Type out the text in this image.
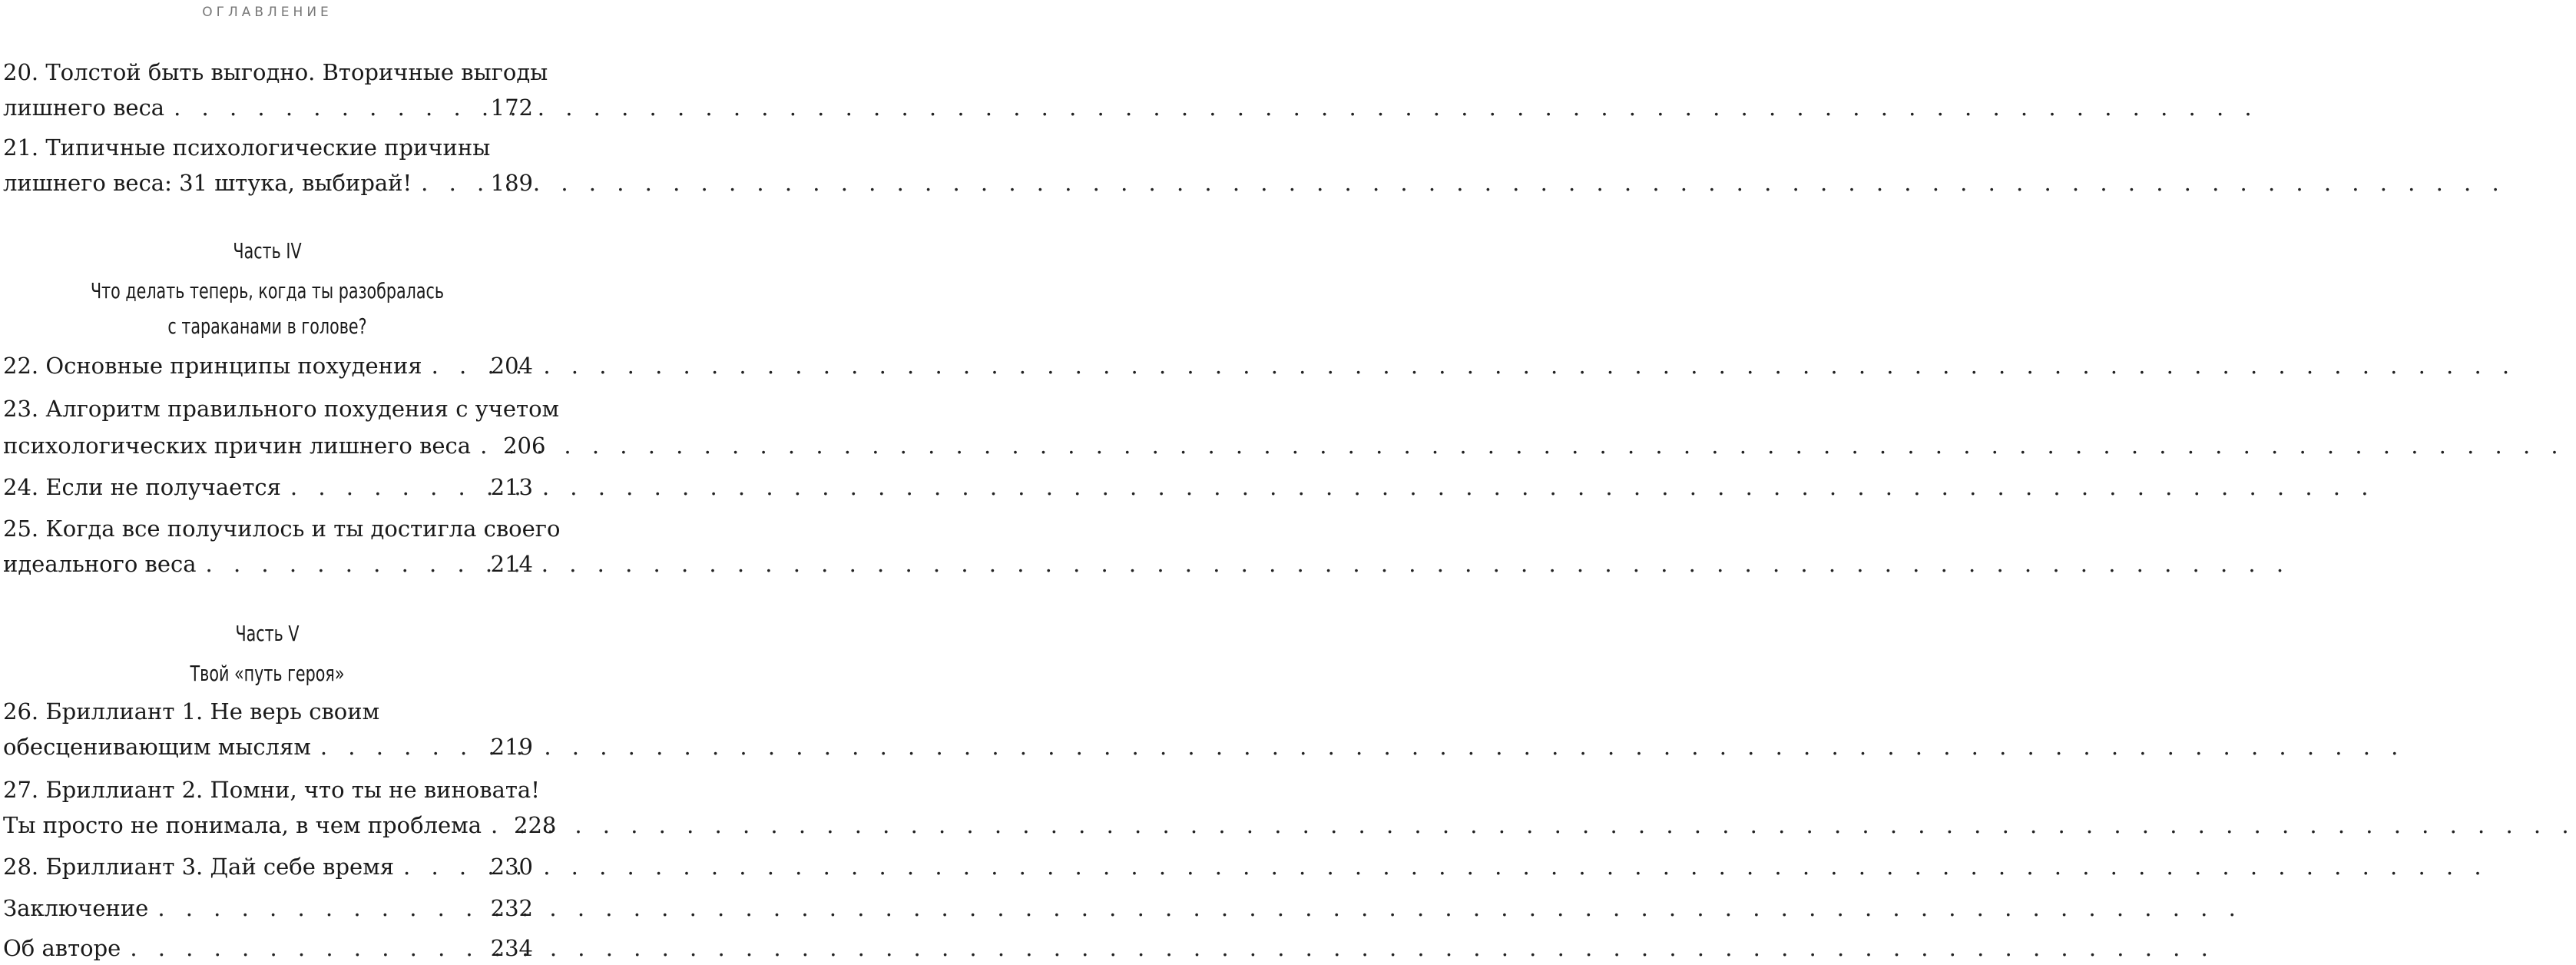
ОГЛАВЛЕНИЕ
20. Толстой быть выгодно. Вторичные выгоды
лишнего веса . . .	172
21. Типичные психологические причины
лишнего веса: 31 штука, выбирай! . . .	189
Часть IV
Что делать теперь, когда ты разобралась
с тараканами в голове?
22. Основные принципы похудения . . .	204
23. Алгоритм правильного похудения с учетом
психологических причин лишнего веса . . . 206
24. Если не получается . . .	213
25. Когда все получилось и ты достигла своего
идеального веса . . .	214
Часть V
Твой «путь героя»
26. Бриллиант 1. Не верь своим
обесценивающим мыслям . . .	219
27. Бриллиант 2. Помни, что ты не виновата!
Ты просто не понимала, в чем проблема . . . 228
28. Бриллиант 3. Дай себе время . . .	230
Заключение . . .	232
Об авторе . . .	234
